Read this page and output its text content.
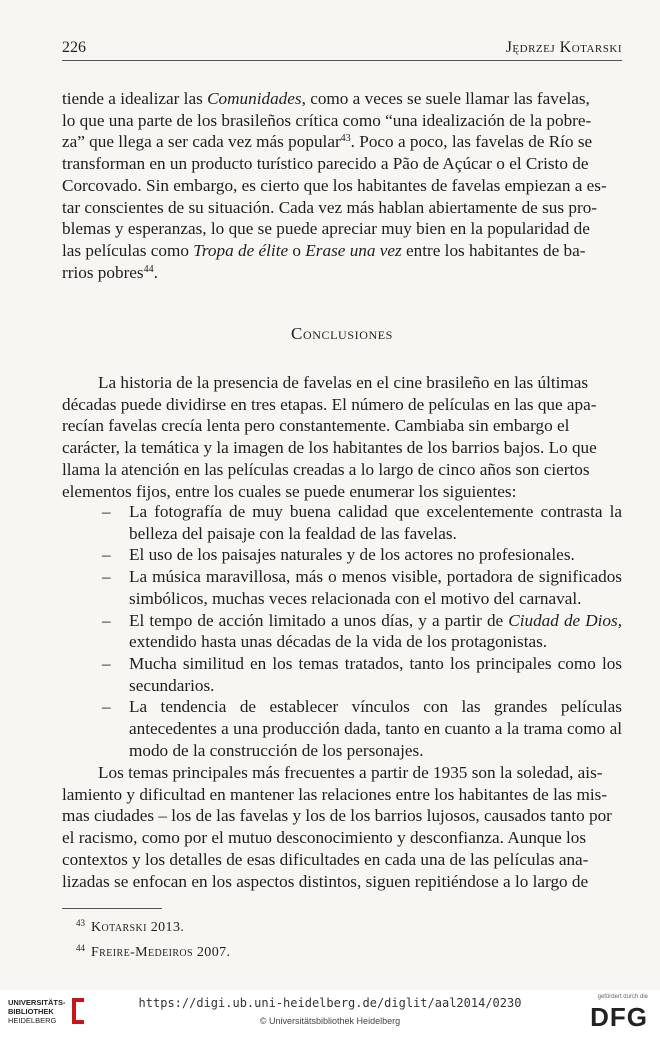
226	Jędrzej Kotarski
tiende a idealizar las Comunidades, como a veces se suele llamar las favelas,
lo que una parte de los brasileños crítica como “una idealización de la pobre-
za” que llega a ser cada vez más popular$^{43}$. Poco a poco, las favelas de Río se
transforman en un producto turístico parecido a Pão de Açúcar o el Cristo de
Corcovado. Sin embargo, es cierto que los habitantes de favelas empiezan a es-
tar conscientes de su situación. Cada vez más hablan abiertamente de sus pro-
blemas y esperanzas, lo que se puede apreciar muy bien en la popularidad de
las películas como Tropa de élite o Erase una vez entre los habitantes de ba-
rrios pobres$^{44}$.
Conclusiones
La historia de la presencia de favelas en el cine brasileño en las últimas
décadas puede dividirse en tres etapas. El número de películas en las que apa-
recían favelas crecía lenta pero constantemente. Cambiaba sin embargo el
carácter, la temática y la imagen de los habitantes de los barrios bajos. Lo que
llama la atención en las películas creadas a lo largo de cinco años son ciertos
elementos fijos, entre los cuales se puede enumerar los siguientes:
– La fotografía de muy buena calidad que excelentemente contrasta la belleza del paisaje con la fealdad de las favelas.
– El uso de los paisajes naturales y de los actores no profesionales.
– La música maravillosa, más o menos visible, portadora de significados simbólicos, muchas veces relacionada con el motivo del carnaval.
– El tempo de acción limitado a unos días, y a partir de Ciudad de Dios, extendido hasta unas décadas de la vida de los protagonistas.
– Mucha similitud en los temas tratados, tanto los principales como los secundarios.
– La tendencia de establecer vínculos con las grandes películas antecedentes a una producción dada, tanto en cuanto a la trama como al modo de la construcción de los personajes.
Los temas principales más frecuentes a partir de 1935 son la soledad, ais-
lamiento y dificultad en mantener las relaciones entre los habitantes de las mis-
mas ciudades – los de las favelas y los de los barrios lujosos, causados tanto por
el racismo, como por el mutuo desconocimiento y desconfianza. Aunque los
contextos y los detalles de esas dificultades en cada una de las películas ana-
lizadas se enfocan en los aspectos distintos, siguen repitiéndose a lo largo de
$^{43}$ Kotarski 2013.
$^{44}$ Freire-Medeiros 2007.
UNIVERSITÄTS-
BIBLIOTHEK
HEIDELBERG
https://digi.ub.uni-heidelberg.de/diglit/aal2014/0230
© Universitätsbibliothek Heidelberg
gefördert durch die
DFG
